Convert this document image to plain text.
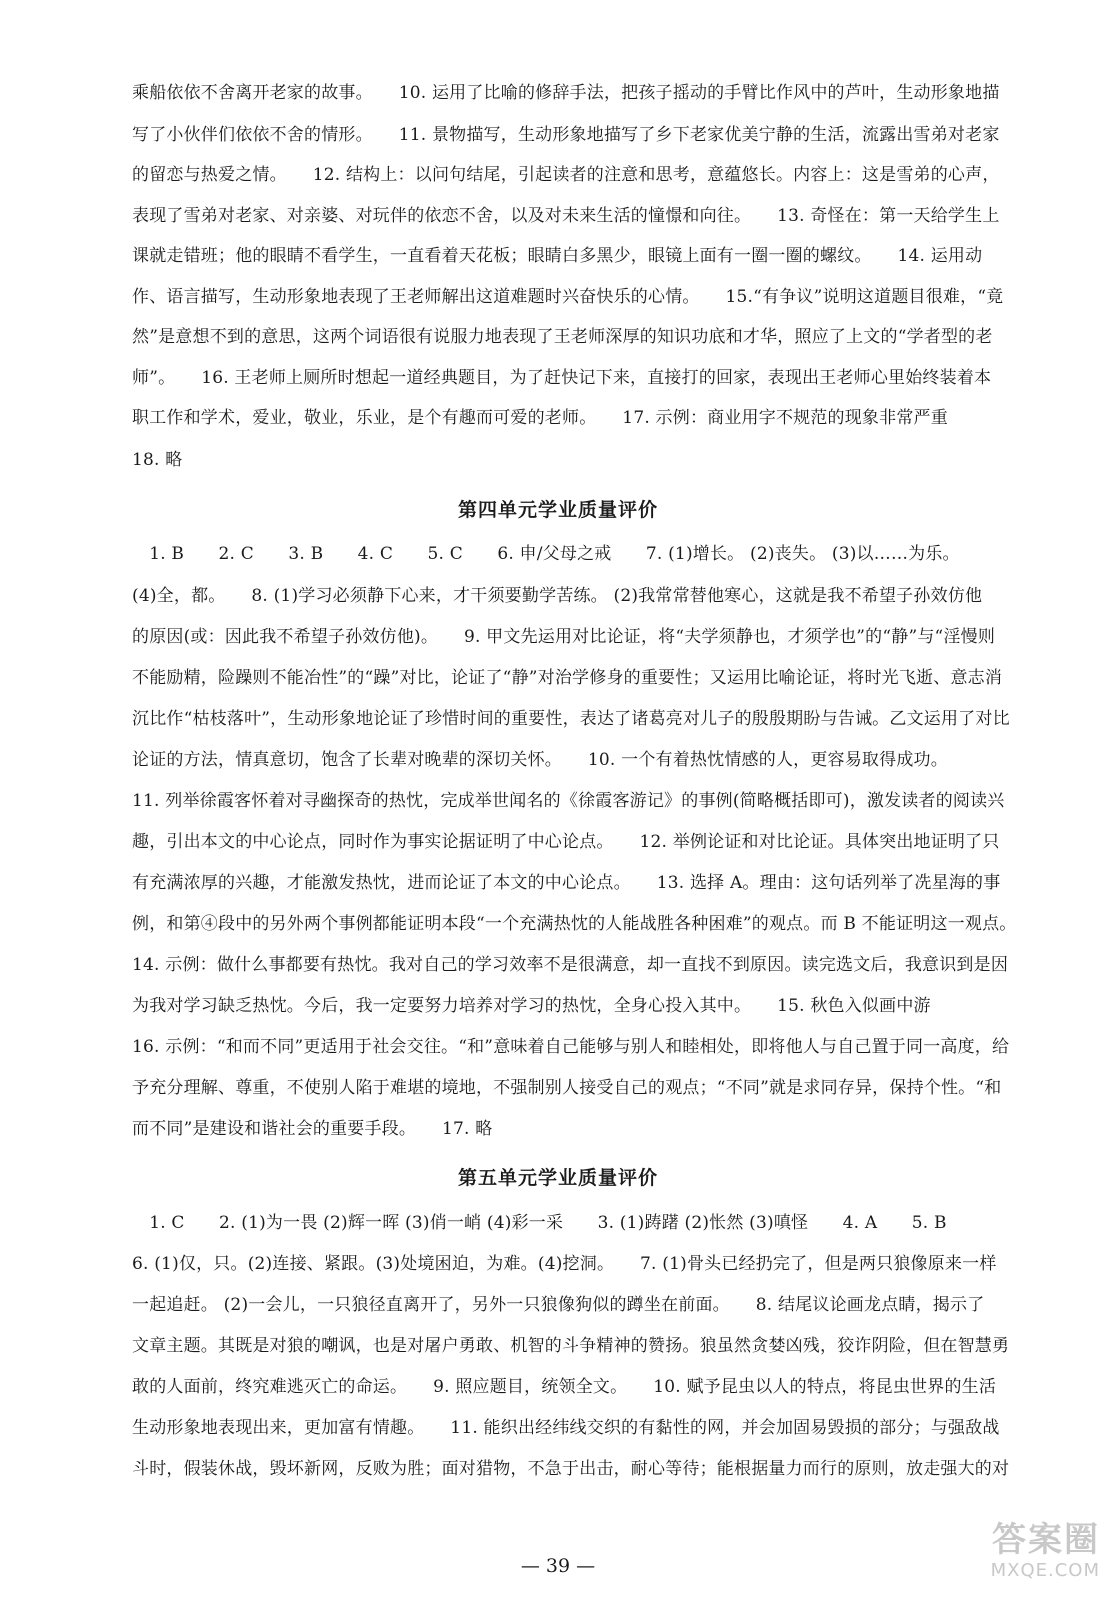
乘船依依不舍离开老家的故事。　　10. 运用了比喻的修辞手法，把孩子摇动的手臂比作风中的芦叶，生动形象地描
写了小伙伴们依依不舍的情形。　　11. 景物描写，生动形象地描写了乡下老家优美宁静的生活，流露出雪弟对老家
的留恋与热爱之情。　　12. 结构上：以问句结尾，引起读者的注意和思考，意蕴悠长。内容上：这是雪弟的心声，
表现了雪弟对老家、对亲婆、对玩伴的依恋不舍，以及对未来生活的憧憬和向往。　　13. 奇怪在：第一天给学生上
课就走错班；他的眼睛不看学生，一直看着天花板；眼睛白多黑少，眼镜上面有一圈一圈的螺纹。　　14. 运用动
作、语言描写，生动形象地表现了王老师解出这道难题时兴奋快乐的心情。　　15.“有争议”说明这道题目很难，“竟
然”是意想不到的意思，这两个词语很有说服力地表现了王老师深厚的知识功底和才华，照应了上文的“学者型的老
师”。　　16. 王老师上厕所时想起一道经典题目，为了赶快记下来，直接打的回家，表现出王老师心里始终装着本
职工作和学术，爱业，敬业，乐业，是个有趣而可爱的老师。　　17. 示例：商业用字不规范的现象非常严重
18. 略
第四单元学业质量评价
　1. B　　2. C　　3. B　　4. C　　5. C　　6. 申/父母之戒　　7. (1)增长。 (2)丧失。 (3)以……为乐。
(4)全，都。　　8. (1)学习必须静下心来，才干须要勤学苦练。 (2)我常常替他寒心，这就是我不希望子孙效仿他
的原因(或：因此我不希望子孙效仿他)。　　9. 甲文先运用对比论证，将“夫学须静也，才须学也”的“静”与“淫慢则
不能励精，险躁则不能冶性”的“躁”对比，论证了“静”对治学修身的重要性；又运用比喻论证，将时光飞逝、意志消
沉比作“枯枝落叶”，生动形象地论证了珍惜时间的重要性，表达了诸葛亮对儿子的殷殷期盼与告诫。乙文运用了对比
论证的方法，情真意切，饱含了长辈对晚辈的深切关怀。　　10. 一个有着热忱情感的人，更容易取得成功。
11. 列举徐霞客怀着对寻幽探奇的热忱，完成举世闻名的《徐霞客游记》的事例(简略概括即可)，激发读者的阅读兴
趣，引出本文的中心论点，同时作为事实论据证明了中心论点。　　12. 举例论证和对比论证。具体突出地证明了只
有充满浓厚的兴趣，才能激发热忱，进而论证了本文的中心论点。　　13. 选择 A。理由：这句话列举了冼星海的事
例，和第④段中的另外两个事例都能证明本段“一个充满热忱的人能战胜各种困难”的观点。而 B 不能证明这一观点。
14. 示例：做什么事都要有热忱。我对自己的学习效率不是很满意，却一直找不到原因。读完选文后，我意识到是因
为我对学习缺乏热忱。今后，我一定要努力培养对学习的热忱，全身心投入其中。　　15. 秋色入似画中游
16. 示例：“和而不同”更适用于社会交往。“和”意味着自己能够与别人和睦相处，即将他人与自己置于同一高度，给
予充分理解、尊重，不使别人陷于难堪的境地，不强制别人接受自己的观点；“不同”就是求同存异，保持个性。“和
而不同”是建设和谐社会的重要手段。　　17. 略
第五单元学业质量评价
　1. C　　2. (1)为一畏 (2)辉一晖 (3)俏一峭 (4)彩一采　　3. (1)踌躇 (2)怅然 (3)嗔怪　　4. A　　5. B
6. (1)仅，只。(2)连接、紧跟。(3)处境困迫，为难。(4)挖洞。　　7. (1)骨头已经扔完了，但是两只狼像原来一样
一起追赶。 (2)一会儿，一只狼径直离开了，另外一只狼像狗似的蹲坐在前面。　　8. 结尾议论画龙点睛，揭示了
文章主题。其既是对狼的嘲讽，也是对屠户勇敢、机智的斗争精神的赞扬。狼虽然贪婪凶残，狡诈阴险，但在智慧勇
敢的人面前，终究难逃灭亡的命运。　　9. 照应题目，统领全文。　　10. 赋予昆虫以人的特点，将昆虫世界的生活
生动形象地表现出来，更加富有情趣。　　11. 能织出经纬线交织的有黏性的网，并会加固易毁损的部分；与强敌战
斗时，假装休战，毁坏新网，反败为胜；面对猎物，不急于出击，耐心等待；能根据量力而行的原则，放走强大的对
— 39 —
答案圈
MXQE.COM
